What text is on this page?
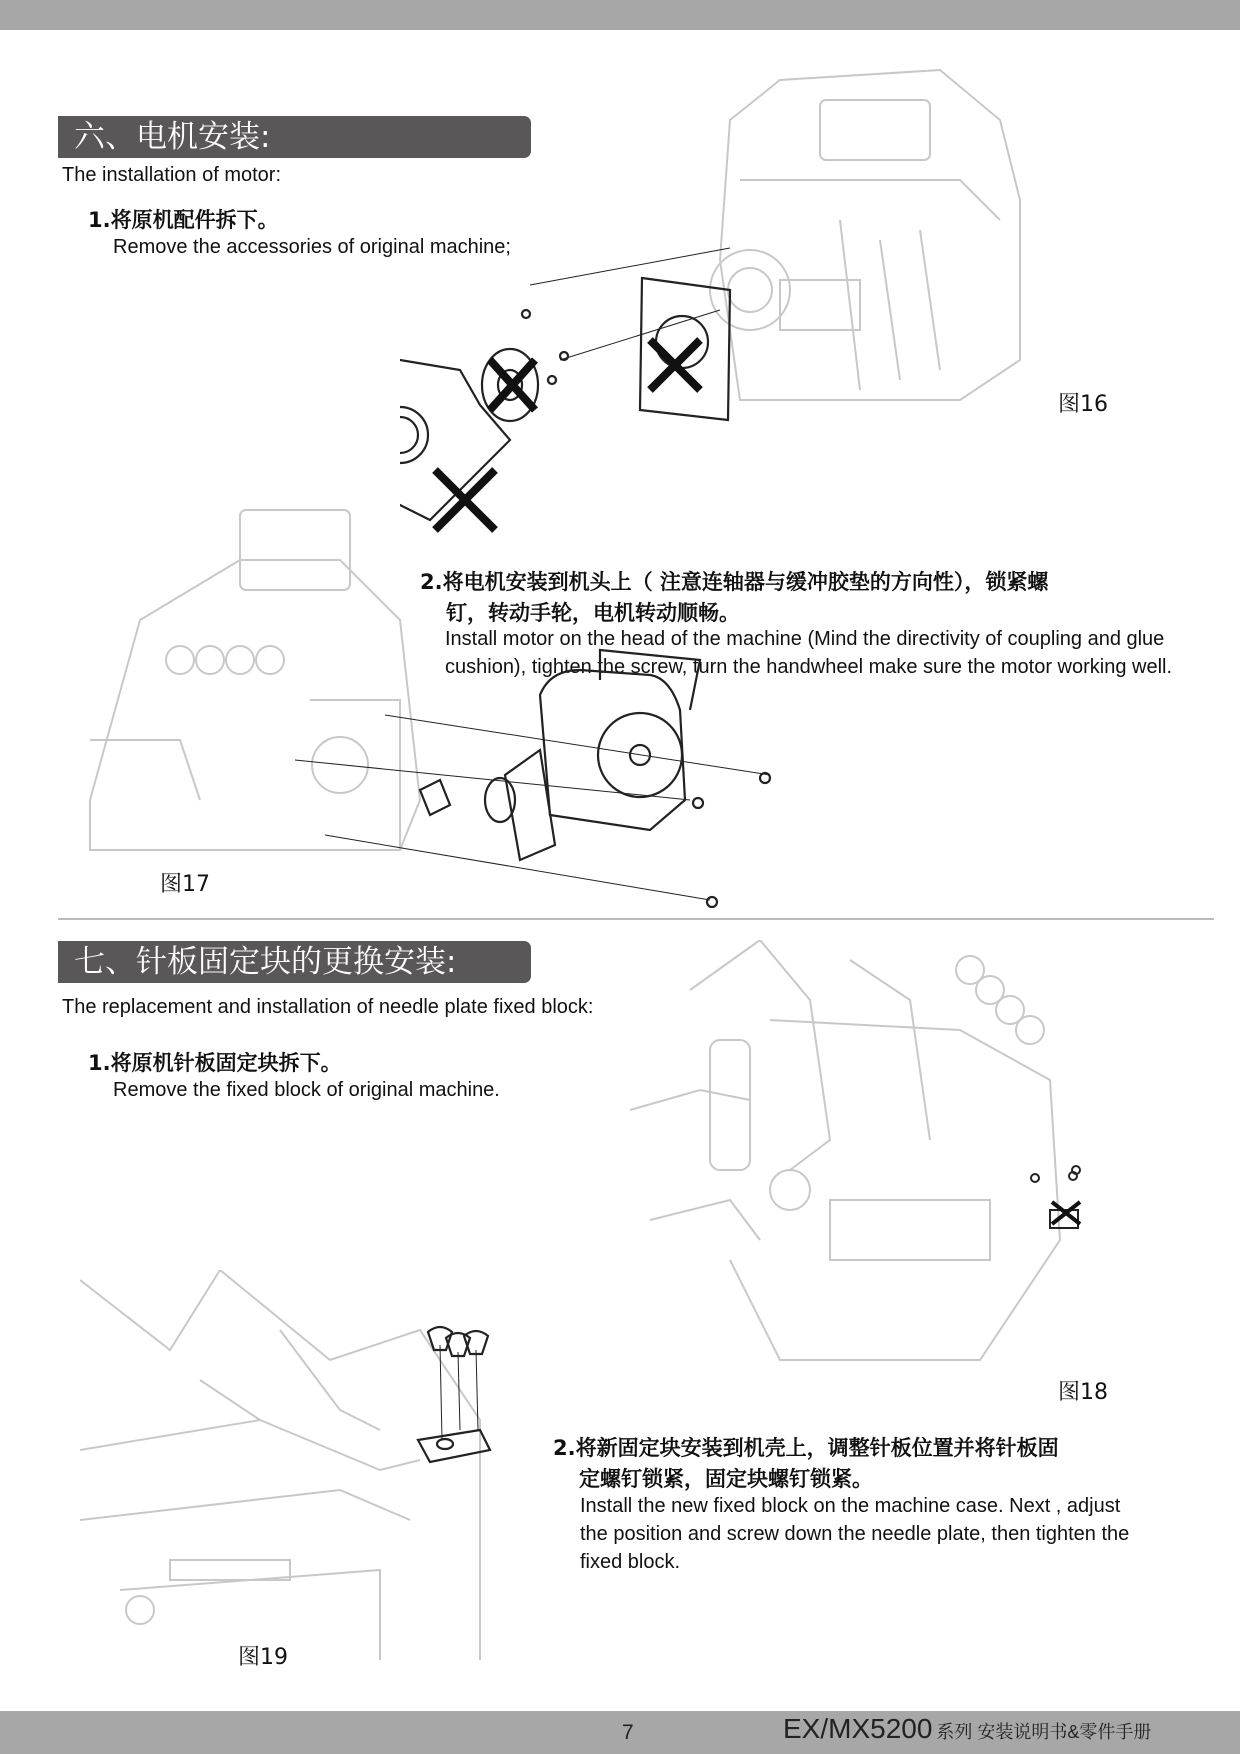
六、电机安装:
The installation of motor:
1.将原机配件拆下。
Remove the accessories of original machine;
图16
2.将电机安装到机头上（ 注意连轴器与缓冲胶垫的方向性），锁紧螺
钉，转动手轮，电机转动顺畅。
Install motor on the head of the machine (Mind the directivity of coupling and glue cushion), tighten the screw, turn the handwheel make sure the motor working well.
图17
七、针板固定块的更换安装:
The replacement and installation of needle plate fixed block:
1.将原机针板固定块拆下。
Remove the fixed block of original machine.
图18
图19
2.将新固定块安装到机壳上，调整针板位置并将针板固
定螺钉锁紧，固定块螺钉锁紧。
Install the new fixed block on the machine case. Next , adjust the position and screw down the needle plate, then tighten the fixed block.
7	EX/MX5200 系列 安装说明书&零件手册
